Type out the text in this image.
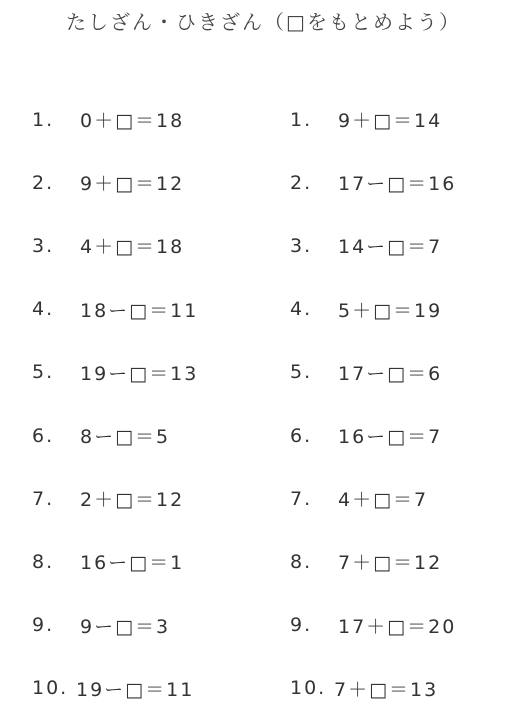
たしざん・ひきざん（□をもとめよう）
1.	0＋□＝18
2.	9＋□＝12
3.	4＋□＝18
4.	18ー□＝11
5.	19ー□＝13
6.	8ー□＝5
7.	2＋□＝12
8.	16ー□＝1
9.	9ー□＝3
10. 19ー□＝11
1.	9＋□＝14
2.	17ー□＝16
3.	14ー□＝7
4.	5＋□＝19
5.	17ー□＝6
6.	16ー□＝7
7.	4＋□＝7
8.	7＋□＝12
9.	17＋□＝20
10. 7＋□＝13
